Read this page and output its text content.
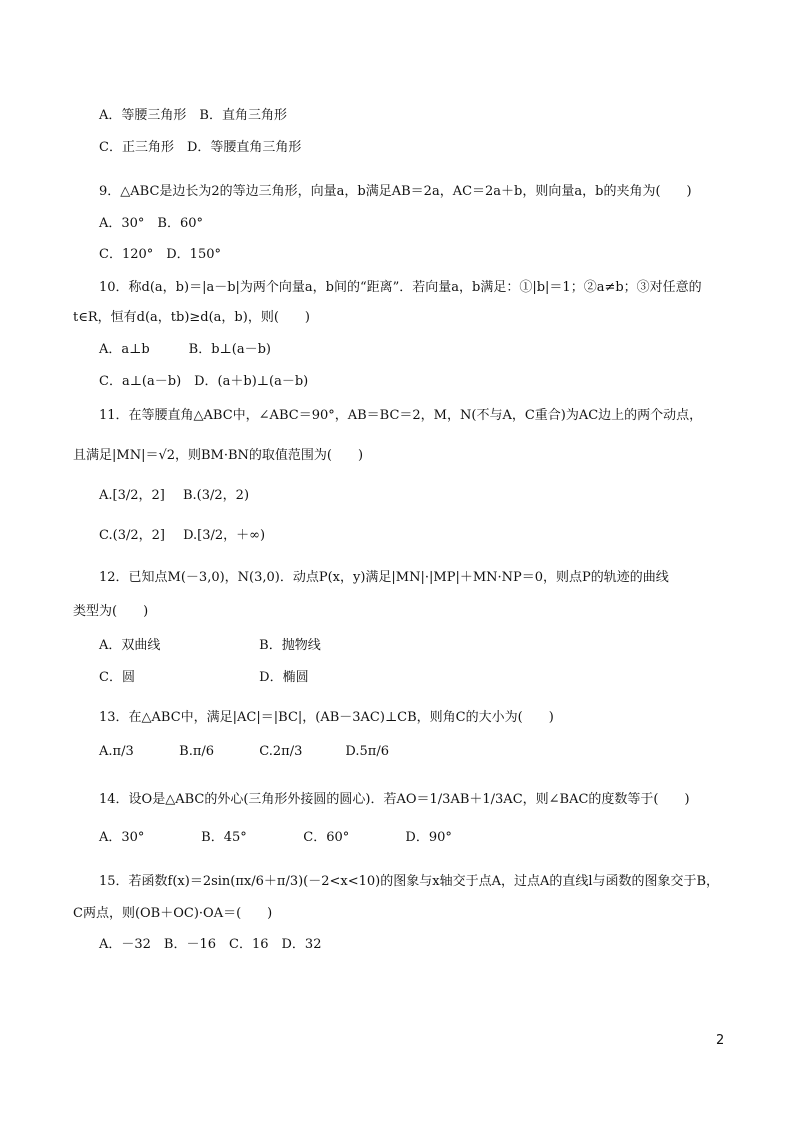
A．等腰三角形　B．直角三角形
C．正三角形　D．等腰直角三角形
9．△ABC是边长为2的等边三角形，向量a，b满足AB＝2a，AC＝2a＋b，则向量a，b的夹角为(　　)
A．30°　B．60°
C．120°　D．150°
10．称d(a，b)＝|a－b|为两个向量a，b间的“距离”．若向量a，b满足：①|b|＝1；②a≠b；③对任意的
t∈R，恒有d(a，tb)≥d(a，b)，则(　　)
A．a⊥b　　　B．b⊥(a－b)
C．a⊥(a－b)　D．(a＋b)⊥(a－b)
11．在等腰直角△ABC中，∠ABC＝90°，AB＝BC＝2，M，N(不与A，C重合)为AC边上的两个动点，
且满足|MN|＝√2，则BM·BN的取值范围为(　　)
A.[3/2，2] B.(3/2，2)
C.(3/2，2] D.[3/2，＋∞)
12．已知点M(－3,0)，N(3,0)．动点P(x，y)满足|MN|·|MP|＋MN·NP＝0，则点P的轨迹的曲线
类型为(　　)
A．双曲线	B．抛物线
C．圆	D．椭圆
13．在△ABC中，满足|AC|＝|BC|，(AB－3AC)⊥CB，则角C的大小为(　　)
A.π/3	B.π/6	C.2π/3	D.5π/6
14．设O是△ABC的外心(三角形外接圆的圆心)．若AO＝1/3AB＋1/3AC，则∠BAC的度数等于(　　)
A．30°	B．45°	C．60°	D．90°
15．若函数f(x)＝2sin(πx/6＋π/3)(－2<x<10)的图象与x轴交于点A，过点A的直线l与函数的图象交于B，
C两点，则(OB＋OC)·OA＝(　　)
A．－32　B．－16　C．16　D．32
2
